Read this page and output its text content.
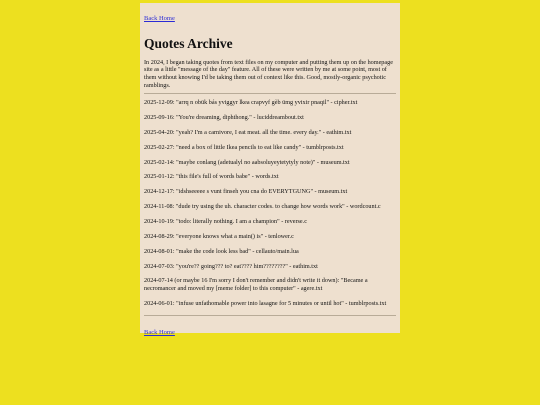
Back Home
Quotes Archive

In 2024, I began taking quotes from text files on my computer and putting them up on the homepage site as a little "message of the day" feature. All of these were written by me at some point, most of them without knowing I'd be taking them out of context like this. Good, mostly-organic psychotic ramblings.

2025-12-09: "arrq n obük bás yviggyr lkea crapvyf gèb ümg yvixir pnaqil" - cipher.txt
2025-09-16: "You're dreaming, diphthong." - luciddreambout.txt
2025-04-20: "yeah? I'm a carnivore, I eat meat. all the time. every day." - eathim.txt
2025-02-27: "need a box of little Ikea pencils to eat like candy" - tumblrposts.txt
2025-02-14: "maybe conlang (adetualyl no aabsoluyeytetytyly note)" - museum.txt
2025-01-12: "this file's full of words babe" - words.txt
2024-12-17: "idshseeeee s vunt finseh you cna do EVERYTGUNG" - museum.txt
2024-11-08: "dude try using the uh. character codes. to change how words work" - wordcount.c
2024-10-19: "todo: literally nothing. I am a champion" - reverse.c
2024-08-29: "everyone knows what a main() is" - tenlower.c
2024-08-01: "make the code look less bad" - cellauto/main.lua
2024-07-03: "you're?? going??? to? eat???? him????????" - eathim.txt
2024-07-14 (or maybe 16 I'm sorry I don't remember and didn't write it down): "Became a necromancer and moved my [meme folder] to this computer" - agere.txt
2024-06-01: "infuse unfathomable power into lasagne for 5 minutes or until hot" - tumblrposts.txt
Back Home
